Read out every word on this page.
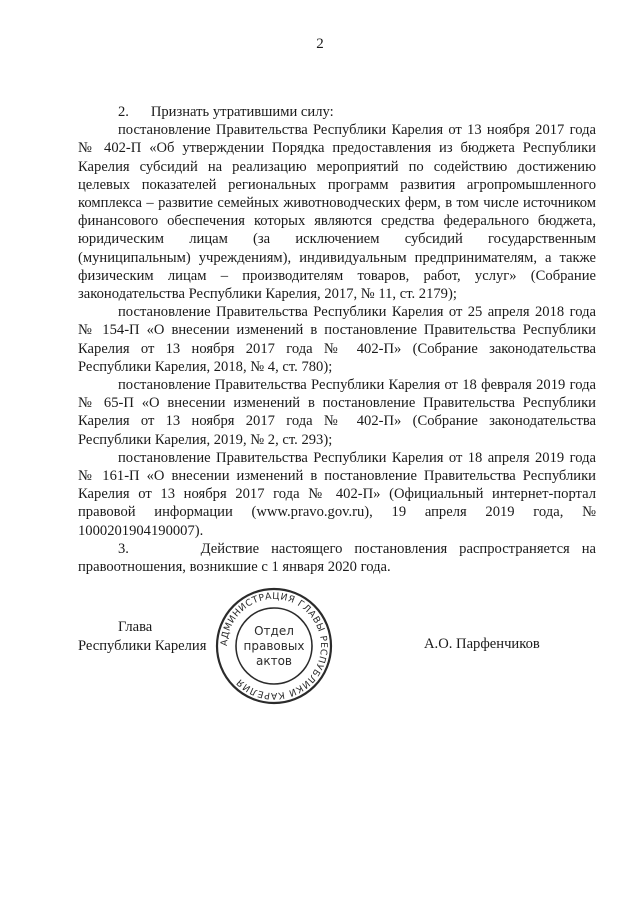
2

2.      Признать утратившими силу:

постановление Правительства Республики Карелия от 13 ноября 2017 года № 402-П «Об утверждении Порядка предоставления из бюджета Республики Карелия субсидий на реализацию мероприятий по содействию достижению целевых показателей региональных программ развития агропромышленного комплекса – развитие семейных животноводческих ферм, в том числе источником финансового обеспечения которых являются средства федерального бюджета, юридическим лицам (за исключением субсидий государственным (муниципальным) учреждениям), индивидуальным предпринимателям, а также физическим лицам – производителям товаров, работ, услуг» (Собрание законодательства Республики Карелия, 2017, № 11, ст. 2179);

постановление Правительства Республики Карелия от 25 апреля 2018 года № 154-П «О внесении изменений в постановление Правительства Республики Карелия от 13 ноября 2017 года № 402-П» (Собрание законодательства Республики Карелия, 2018, № 4, ст. 780);

постановление Правительства Республики Карелия от 18 февраля 2019 года № 65-П «О внесении изменений в постановление Правительства Республики Карелия от 13 ноября 2017 года № 402-П» (Собрание законодательства Республики Карелия, 2019, № 2, ст. 293);

постановление Правительства Республики Карелия от 18 апреля 2019 года № 161-П «О внесении изменений в постановление Правительства Республики Карелия от 13 ноября 2017 года № 402-П» (Официальный интернет-портал правовой информации (www.pravo.gov.ru), 19 апреля 2019 года, № 1000201904190007).

3.      Действие настоящего постановления распространяется на правоотношения, возникшие с 1 января 2020 года.

Глава
Республики Карелия	АДМИНИСТРАЦИЯ ГЛАВЫ РЕСПУБЛИКИ КАРЕЛИЯ
Отдел
правовых
актов
А.О. Парфенчиков
